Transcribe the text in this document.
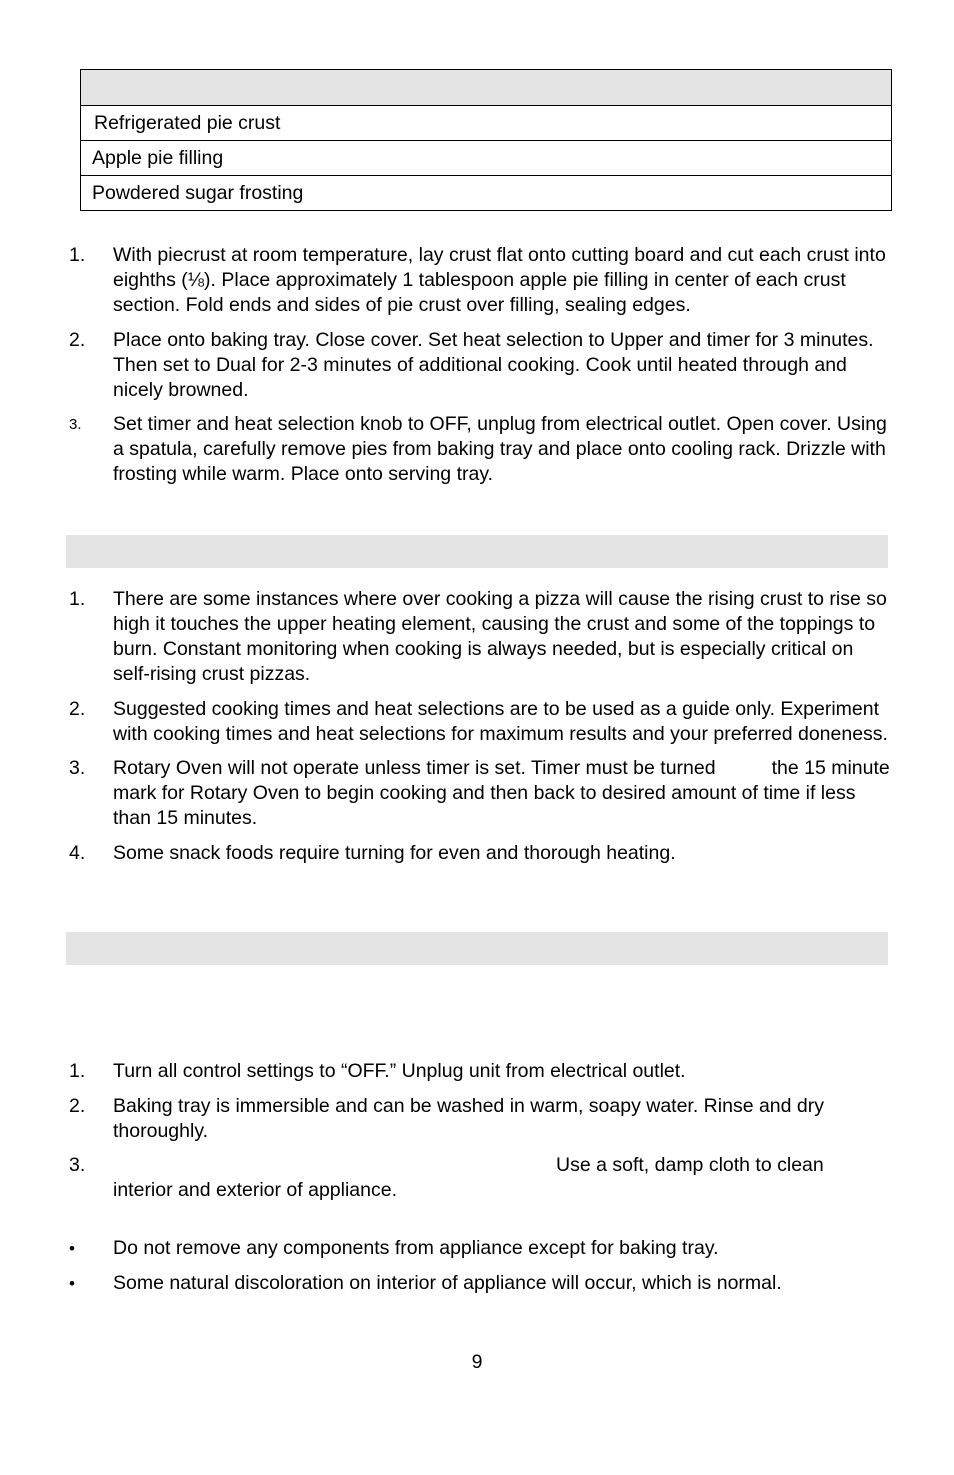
Refrigerated pie crust
Apple pie filling
Powdered sugar frosting
1. With piecrust at room temperature, lay crust flat onto cutting board and cut each crust into eighths (⅛). Place approximately 1 tablespoon apple pie filling in center of each crust section. Fold ends and sides of pie crust over filling, sealing edges.
2. Place onto baking tray. Close cover. Set heat selection to Upper and timer for 3 minutes. Then set to Dual for 2-3 minutes of additional cooking. Cook until heated through and nicely browned.
3. Set timer and heat selection knob to OFF, unplug from electrical outlet. Open cover. Using a spatula, carefully remove pies from baking tray and place onto cooling rack. Drizzle with frosting while warm. Place onto serving tray.
1. There are some instances where over cooking a pizza will cause the rising crust to rise so high it touches the upper heating element, causing the crust and some of the toppings to burn. Constant monitoring when cooking is always needed, but is especially critical on self-rising crust pizzas.
2. Suggested cooking times and heat selections are to be used as a guide only. Experiment with cooking times and heat selections for maximum results and your preferred doneness.
3. Rotary Oven will not operate unless timer is set. Timer must be turned	the 15 minute mark for Rotary Oven to begin cooking and then back to desired amount of time if less than 15 minutes.
4. Some snack foods require turning for even and thorough heating.
1. Turn all control settings to “OFF.” Unplug unit from electrical outlet.
2. Baking tray is immersible and can be washed in warm, soapy water. Rinse and dry thoroughly.
3.	Use a soft, damp cloth to clean
interior and exterior of appliance.
• Do not remove any components from appliance except for baking tray.
• Some natural discoloration on interior of appliance will occur, which is normal.
9
